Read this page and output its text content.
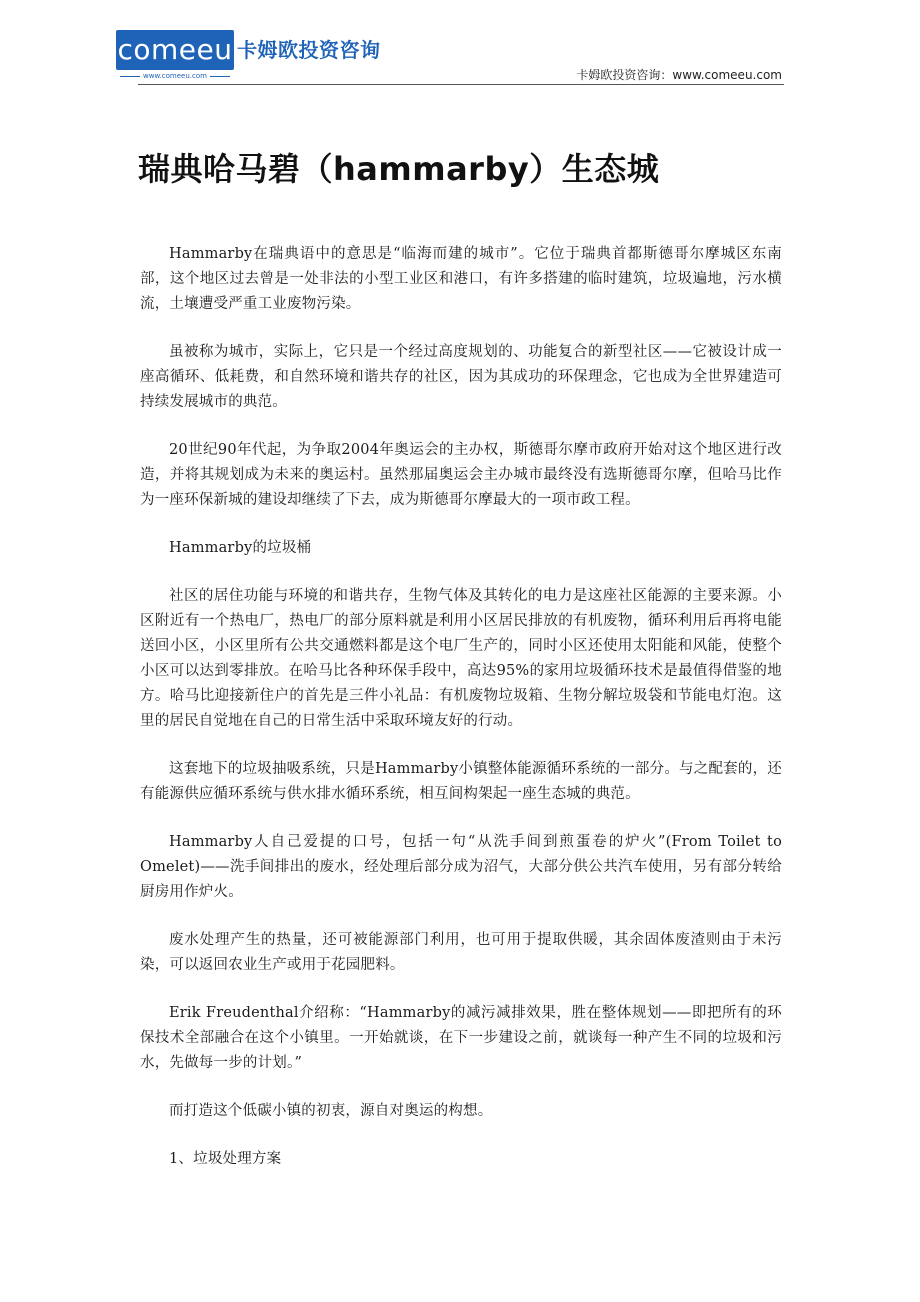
comeeu
www.comeeu.com
卡姆欧投资咨询
卡姆欧投资咨询：www.comeeu.com
瑞典哈马碧（hammarby）生态城

Hammarby在瑞典语中的意思是“临海而建的城市”。它位于瑞典首都斯德哥尔摩城区东南部，这个地区过去曾是一处非法的小型工业区和港口，有许多搭建的临时建筑，垃圾遍地，污水横流，土壤遭受严重工业废物污染。

虽被称为城市，实际上，它只是一个经过高度规划的、功能复合的新型社区——它被设计成一座高循环、低耗费，和自然环境和谐共存的社区，因为其成功的环保理念，它也成为全世界建造可持续发展城市的典范。

20世纪90年代起，为争取2004年奥运会的主办权，斯德哥尔摩市政府开始对这个地区进行改造，并将其规划成为未来的奥运村。虽然那届奥运会主办城市最终没有选斯德哥尔摩，但哈马比作为一座环保新城的建设却继续了下去，成为斯德哥尔摩最大的一项市政工程。

Hammarby的垃圾桶

社区的居住功能与环境的和谐共存，生物气体及其转化的电力是这座社区能源的主要来源。小区附近有一个热电厂，热电厂的部分原料就是利用小区居民排放的有机废物，循环利用后再将电能送回小区，小区里所有公共交通燃料都是这个电厂生产的，同时小区还使用太阳能和风能，使整个小区可以达到零排放。在哈马比各种环保手段中，高达95%的家用垃圾循环技术是最值得借鉴的地方。哈马比迎接新住户的首先是三件小礼品：有机废物垃圾箱、生物分解垃圾袋和节能电灯泡。这里的居民自觉地在自己的日常生活中采取环境友好的行动。

这套地下的垃圾抽吸系统，只是Hammarby小镇整体能源循环系统的一部分。与之配套的，还有能源供应循环系统与供水排水循环系统，相互间构架起一座生态城的典范。

Hammarby人自己爱提的口号，包括一句“从洗手间到煎蛋卷的炉火”(From Toilet to Omelet)——洗手间排出的废水，经处理后部分成为沼气，大部分供公共汽车使用，另有部分转给厨房用作炉火。

废水处理产生的热量，还可被能源部门利用，也可用于提取供暖，其余固体废渣则由于未污染，可以返回农业生产或用于花园肥料。

Erik Freudenthal介绍称：“Hammarby的减污减排效果，胜在整体规划——即把所有的环保技术全部融合在这个小镇里。一开始就谈，在下一步建设之前，就谈每一种产生不同的垃圾和污水，先做每一步的计划。”

而打造这个低碳小镇的初衷，源自对奥运的构想。

1、垃圾处理方案
